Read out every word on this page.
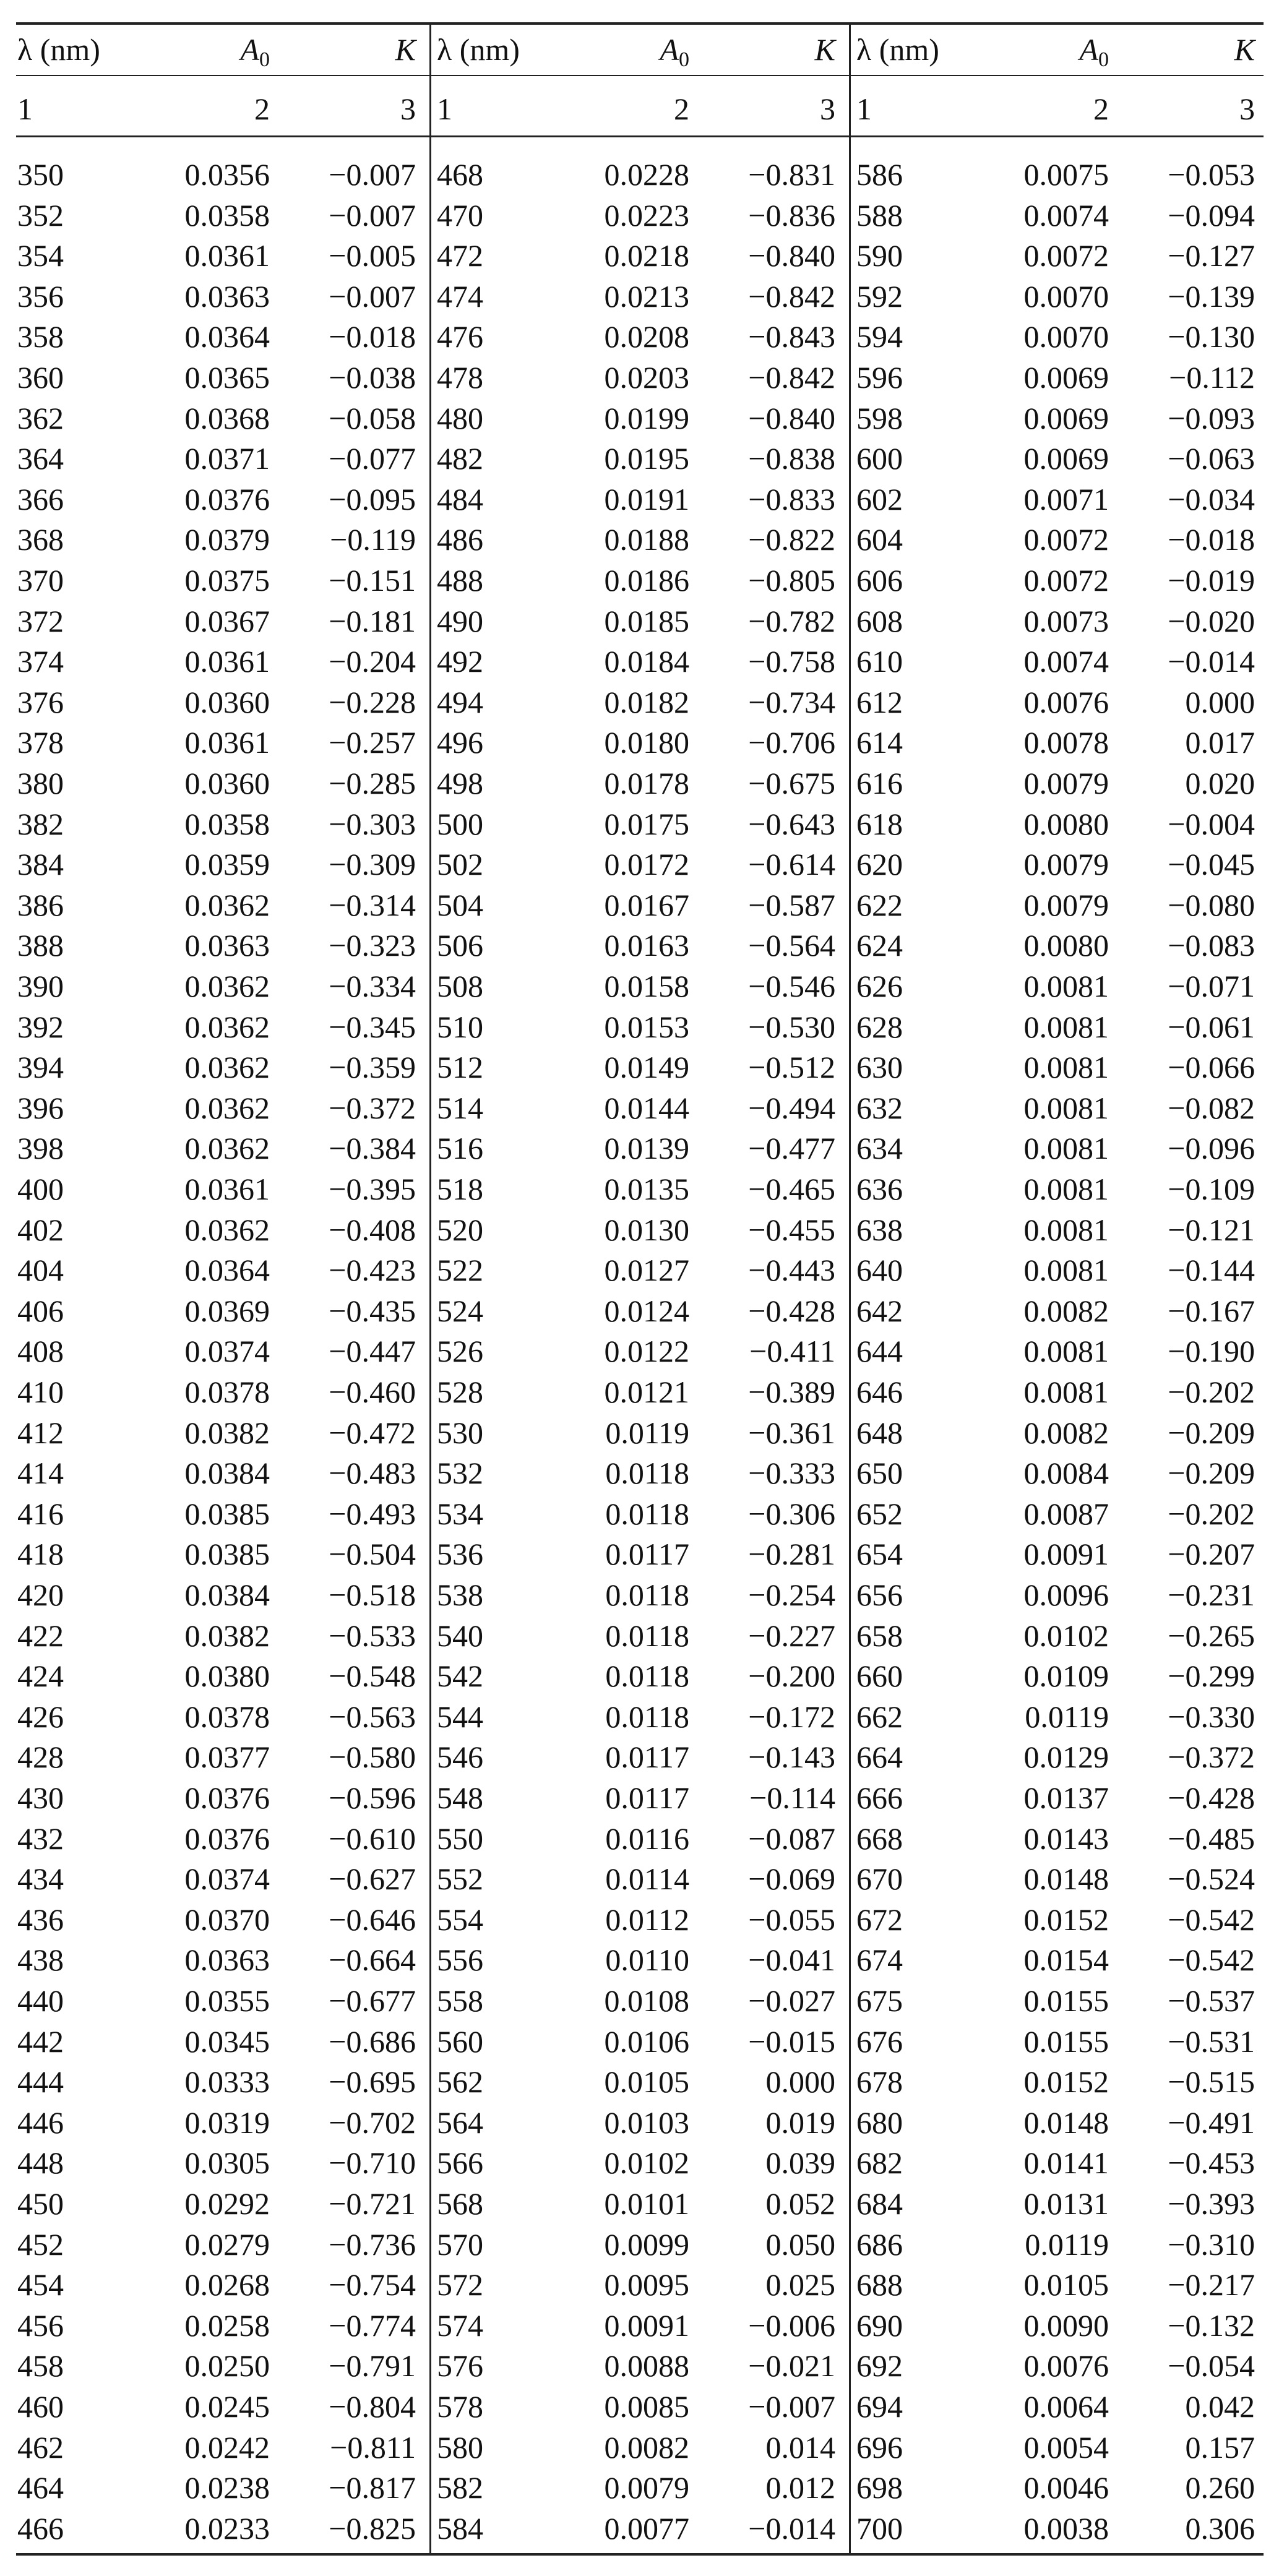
λ (nm)	$A_0$	K
1	2	3
350	0.0356	−0.007
352	0.0358	−0.007
354	0.0361	−0.005
356	0.0363	−0.007
358	0.0364	−0.018
360	0.0365	−0.038
362	0.0368	−0.058
364	0.0371	−0.077
366	0.0376	−0.095
368	0.0379	−0.119
370	0.0375	−0.151
372	0.0367	−0.181
374	0.0361	−0.204
376	0.0360	−0.228
378	0.0361	−0.257
380	0.0360	−0.285
382	0.0358	−0.303
384	0.0359	−0.309
386	0.0362	−0.314
388	0.0363	−0.323
390	0.0362	−0.334
392	0.0362	−0.345
394	0.0362	−0.359
396	0.0362	−0.372
398	0.0362	−0.384
400	0.0361	−0.395
402	0.0362	−0.408
404	0.0364	−0.423
406	0.0369	−0.435
408	0.0374	−0.447
410	0.0378	−0.460
412	0.0382	−0.472
414	0.0384	−0.483
416	0.0385	−0.493
418	0.0385	−0.504
420	0.0384	−0.518
422	0.0382	−0.533
424	0.0380	−0.548
426	0.0378	−0.563
428	0.0377	−0.580
430	0.0376	−0.596
432	0.0376	−0.610
434	0.0374	−0.627
436	0.0370	−0.646
438	0.0363	−0.664
440	0.0355	−0.677
442	0.0345	−0.686
444	0.0333	−0.695
446	0.0319	−0.702
448	0.0305	−0.710
450	0.0292	−0.721
452	0.0279	−0.736
454	0.0268	−0.754
456	0.0258	−0.774
458	0.0250	−0.791
460	0.0245	−0.804
462	0.0242	−0.811
464	0.0238	−0.817
466	0.0233	−0.825
λ (nm)	$A_0$	K
1	2	3
468	0.0228	−0.831
470	0.0223	−0.836
472	0.0218	−0.840
474	0.0213	−0.842
476	0.0208	−0.843
478	0.0203	−0.842
480	0.0199	−0.840
482	0.0195	−0.838
484	0.0191	−0.833
486	0.0188	−0.822
488	0.0186	−0.805
490	0.0185	−0.782
492	0.0184	−0.758
494	0.0182	−0.734
496	0.0180	−0.706
498	0.0178	−0.675
500	0.0175	−0.643
502	0.0172	−0.614
504	0.0167	−0.587
506	0.0163	−0.564
508	0.0158	−0.546
510	0.0153	−0.530
512	0.0149	−0.512
514	0.0144	−0.494
516	0.0139	−0.477
518	0.0135	−0.465
520	0.0130	−0.455
522	0.0127	−0.443
524	0.0124	−0.428
526	0.0122	−0.411
528	0.0121	−0.389
530	0.0119	−0.361
532	0.0118	−0.333
534	0.0118	−0.306
536	0.0117	−0.281
538	0.0118	−0.254
540	0.0118	−0.227
542	0.0118	−0.200
544	0.0118	−0.172
546	0.0117	−0.143
548	0.0117	−0.114
550	0.0116	−0.087
552	0.0114	−0.069
554	0.0112	−0.055
556	0.0110	−0.041
558	0.0108	−0.027
560	0.0106	−0.015
562	0.0105	0.000
564	0.0103	0.019
566	0.0102	0.039
568	0.0101	0.052
570	0.0099	0.050
572	0.0095	0.025
574	0.0091	−0.006
576	0.0088	−0.021
578	0.0085	−0.007
580	0.0082	0.014
582	0.0079	0.012
584	0.0077	−0.014
λ (nm)	$A_0$	K
1	2	3
586	0.0075	−0.053
588	0.0074	−0.094
590	0.0072	−0.127
592	0.0070	−0.139
594	0.0070	−0.130
596	0.0069	−0.112
598	0.0069	−0.093
600	0.0069	−0.063
602	0.0071	−0.034
604	0.0072	−0.018
606	0.0072	−0.019
608	0.0073	−0.020
610	0.0074	−0.014
612	0.0076	0.000
614	0.0078	0.017
616	0.0079	0.020
618	0.0080	−0.004
620	0.0079	−0.045
622	0.0079	−0.080
624	0.0080	−0.083
626	0.0081	−0.071
628	0.0081	−0.061
630	0.0081	−0.066
632	0.0081	−0.082
634	0.0081	−0.096
636	0.0081	−0.109
638	0.0081	−0.121
640	0.0081	−0.144
642	0.0082	−0.167
644	0.0081	−0.190
646	0.0081	−0.202
648	0.0082	−0.209
650	0.0084	−0.209
652	0.0087	−0.202
654	0.0091	−0.207
656	0.0096	−0.231
658	0.0102	−0.265
660	0.0109	−0.299
662	0.0119	−0.330
664	0.0129	−0.372
666	0.0137	−0.428
668	0.0143	−0.485
670	0.0148	−0.524
672	0.0152	−0.542
674	0.0154	−0.542
675	0.0155	−0.537
676	0.0155	−0.531
678	0.0152	−0.515
680	0.0148	−0.491
682	0.0141	−0.453
684	0.0131	−0.393
686	0.0119	−0.310
688	0.0105	−0.217
690	0.0090	−0.132
692	0.0076	−0.054
694	0.0064	0.042
696	0.0054	0.157
698	0.0046	0.260
700	0.0038	0.306
